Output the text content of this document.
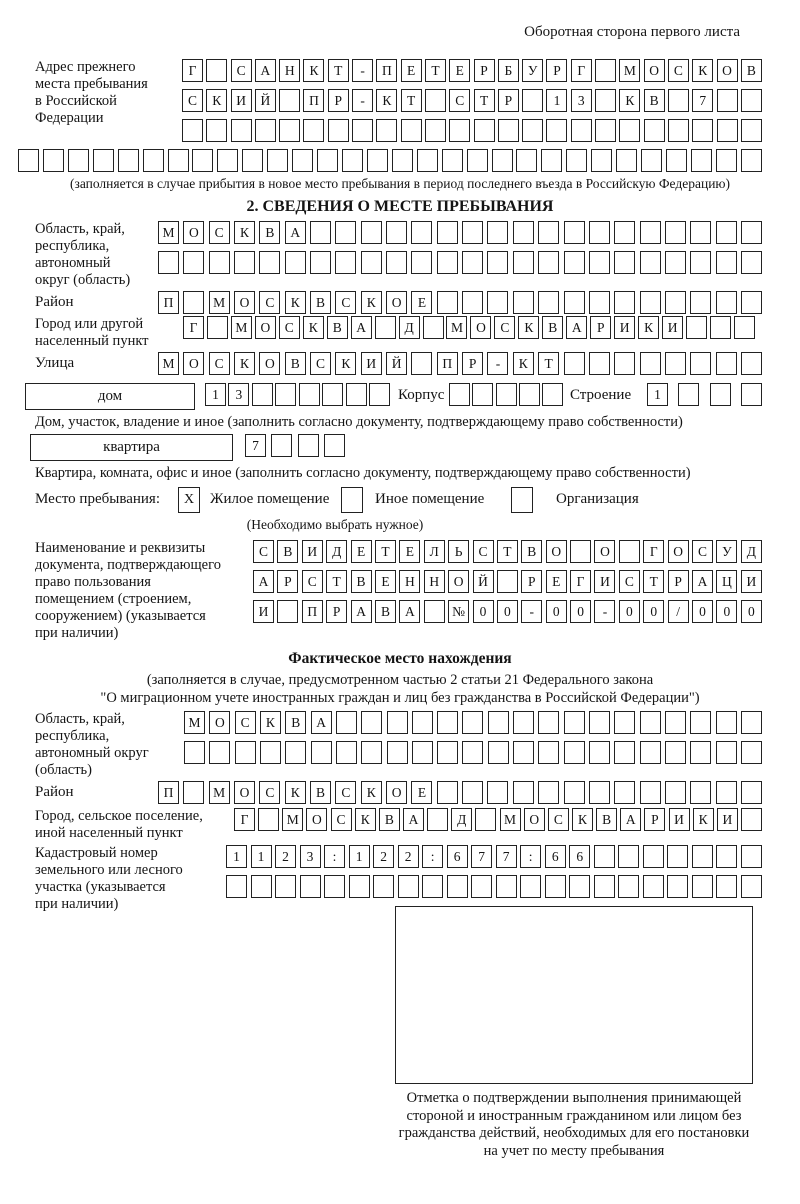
Оборотная сторона первого листа
Адрес прежнего
места пребывания
в Российской
Федерации
Г	С	А	Н	К	Т	-	П	Е	Т	Е	Р	Б	У	Р	Г	М О	С	К	О	В
С	К	И	Й	П	Р	-	К	Т	С	Т	Р	1	3	К	В	7
(заполняется в случае прибытия в новое место пребывания в период последнего въезда в Российскую Федерацию)
2. СВЕДЕНИЯ О МЕСТЕ ПРЕБЫВАНИЯ
Область, край,
республика,
автономный
округ (область)
М	О	С	К	В	А
Район	П	М	О	С	К	В	С	К	О	Е
Город или другой
населенный пункт
Г	М О	С	К	В	А	Д	М О	С	К	В	А	Р	И	К	И
Улица	М	О	С	К	О	В	С	К	И	Й	П	Р	-	К	Т
дом	1	3	Корпус	Строение	1
Дом, участок, владение и иное (заполнить согласно документу, подтверждающему право собственности)
квартира	7
Квартира, комната, офис и иное (заполнить согласно документу, подтверждающему право собственности)
Место пребывания:	X	Жилое помещение	Иное помещение	Организация
(Необходимо выбрать нужное)
Наименование и реквизиты
документа, подтверждающего
право пользования
помещением (строением,
сооружением) (указывается
при наличии)
С	В	И	Д	Е	Т	Е	Л	Ь	С	Т	В	О	О	Г	О	С	У	Д
А	Р	С	Т	В	Е	Н	Н	О	Й	Р	Е	Г	И	С	Т	Р	А	Ц	И
И	П	Р	А	В	А	№	0	0	-	0	0	-	0	0	/	0	0	0
Фактическое место нахождения
(заполняется в случае, предусмотренном частью 2 статьи 21 Федерального закона
"О миграционном учете иностранных граждан и лиц без гражданства в Российской Федерации")
Область, край,
республика,
автономный округ
(область)
М	О	С	К	В	А
Район	П	М	О	С	К	В	С	К	О	Е
Город, сельское поселение,
иной населенный пункт
Г	М О	С	К	В	А	Д	М О	С	К	В	А	Р	И	К	И
Кадастровый номер
земельного или лесного
участка (указывается
при наличии)
1	1	2	3	:	1	2	2	:	6	7	7	:	6	6
Отметка о подтверждении выполнения принимающей
стороной и иностранным гражданином или лицом без
гражданства действий, необходимых для его постановки
на учет по месту пребывания
